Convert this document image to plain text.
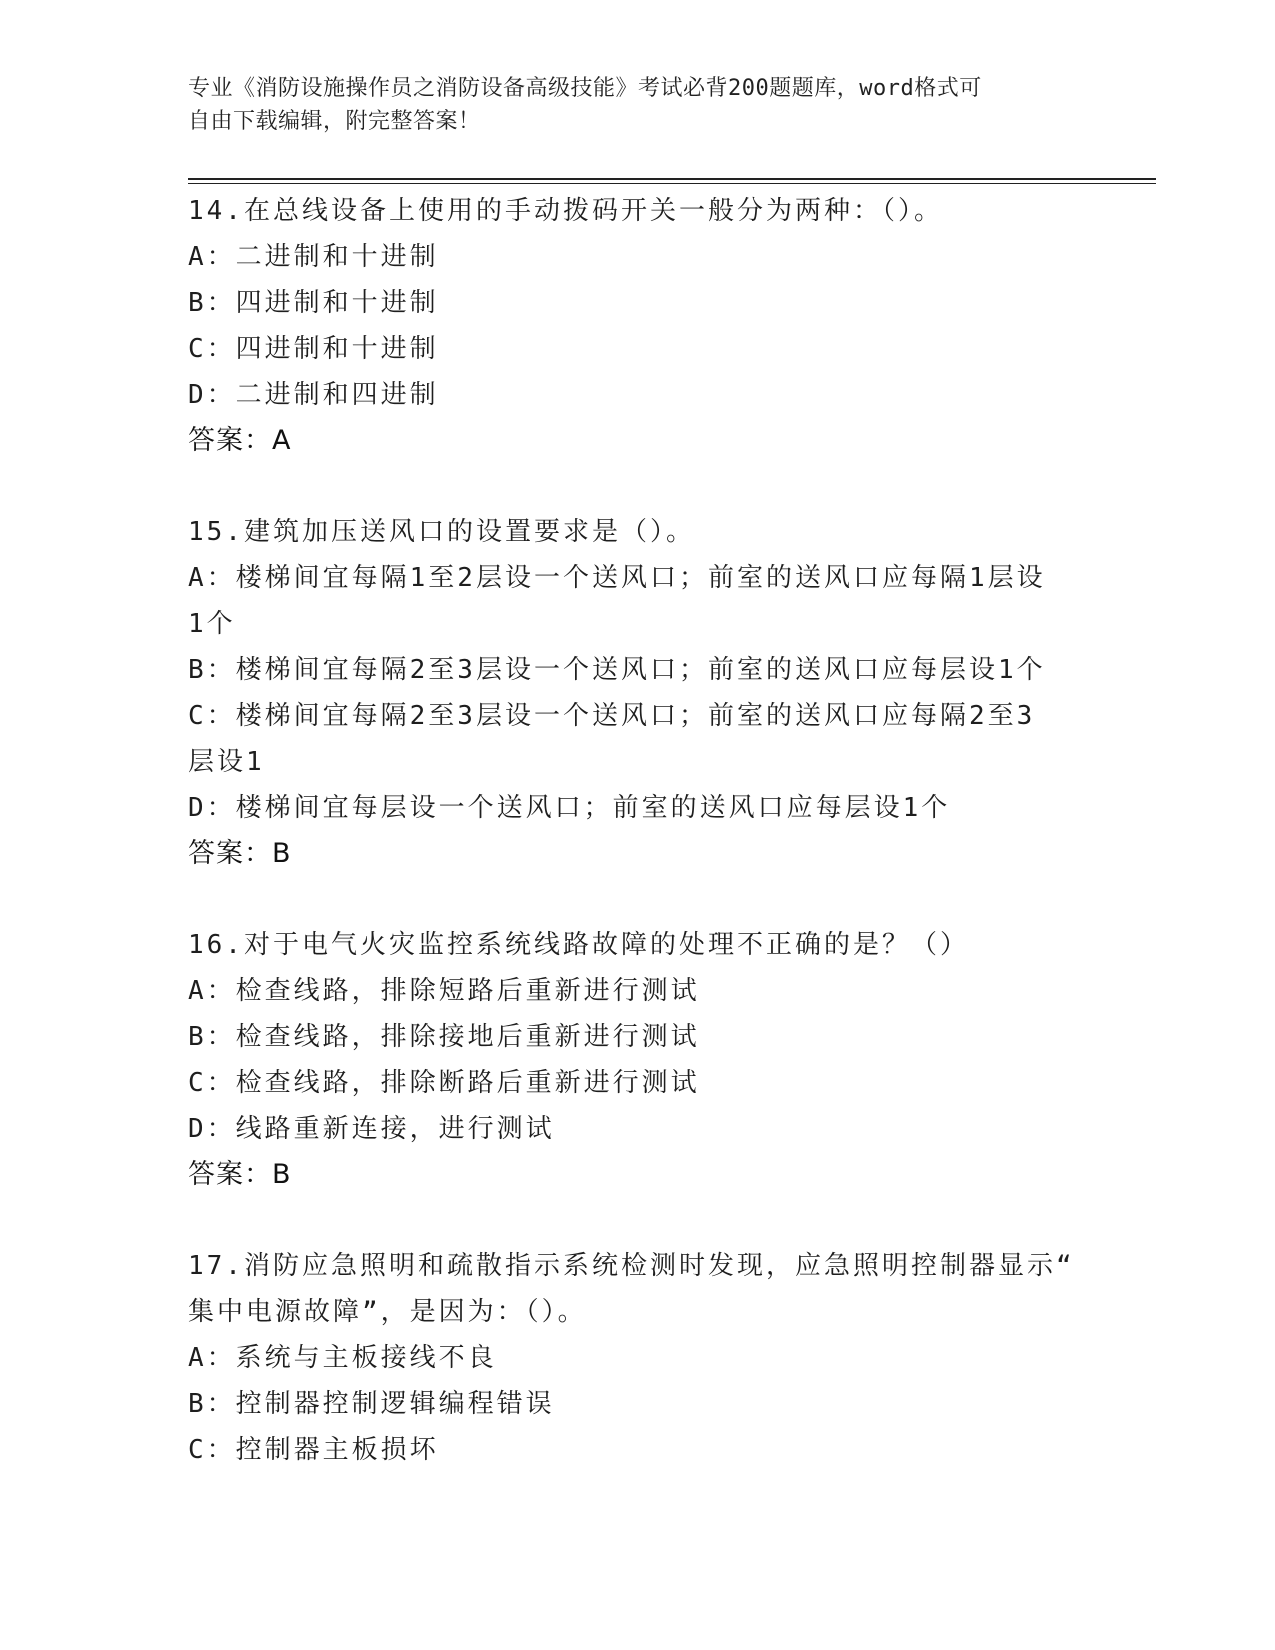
专业《消防设施操作员之消防设备高级技能》考试必背200题题库，word格式可
自由下载编辑，附完整答案！
14.在总线设备上使用的手动拨码开关一般分为两种：（）。
A：二进制和十进制
B：四进制和十进制
C：四进制和十进制
D：二进制和四进制
答案：A
15.建筑加压送风口的设置要求是（）。
A：楼梯间宜每隔1至2层设一个送风口；前室的送风口应每隔1层设
1个
B：楼梯间宜每隔2至3层设一个送风口；前室的送风口应每层设1个
C：楼梯间宜每隔2至3层设一个送风口；前室的送风口应每隔2至3
层设1
D：楼梯间宜每层设一个送风口；前室的送风口应每层设1个
答案：B
16.对于电气火灾监控系统线路故障的处理不正确的是？（）
A：检查线路，排除短路后重新进行测试
B：检查线路，排除接地后重新进行测试
C：检查线路，排除断路后重新进行测试
D：线路重新连接，进行测试
答案：B
17.消防应急照明和疏散指示系统检测时发现，应急照明控制器显示“
集中电源故障”，是因为：（）。
A：系统与主板接线不良
B：控制器控制逻辑编程错误
C：控制器主板损坏
